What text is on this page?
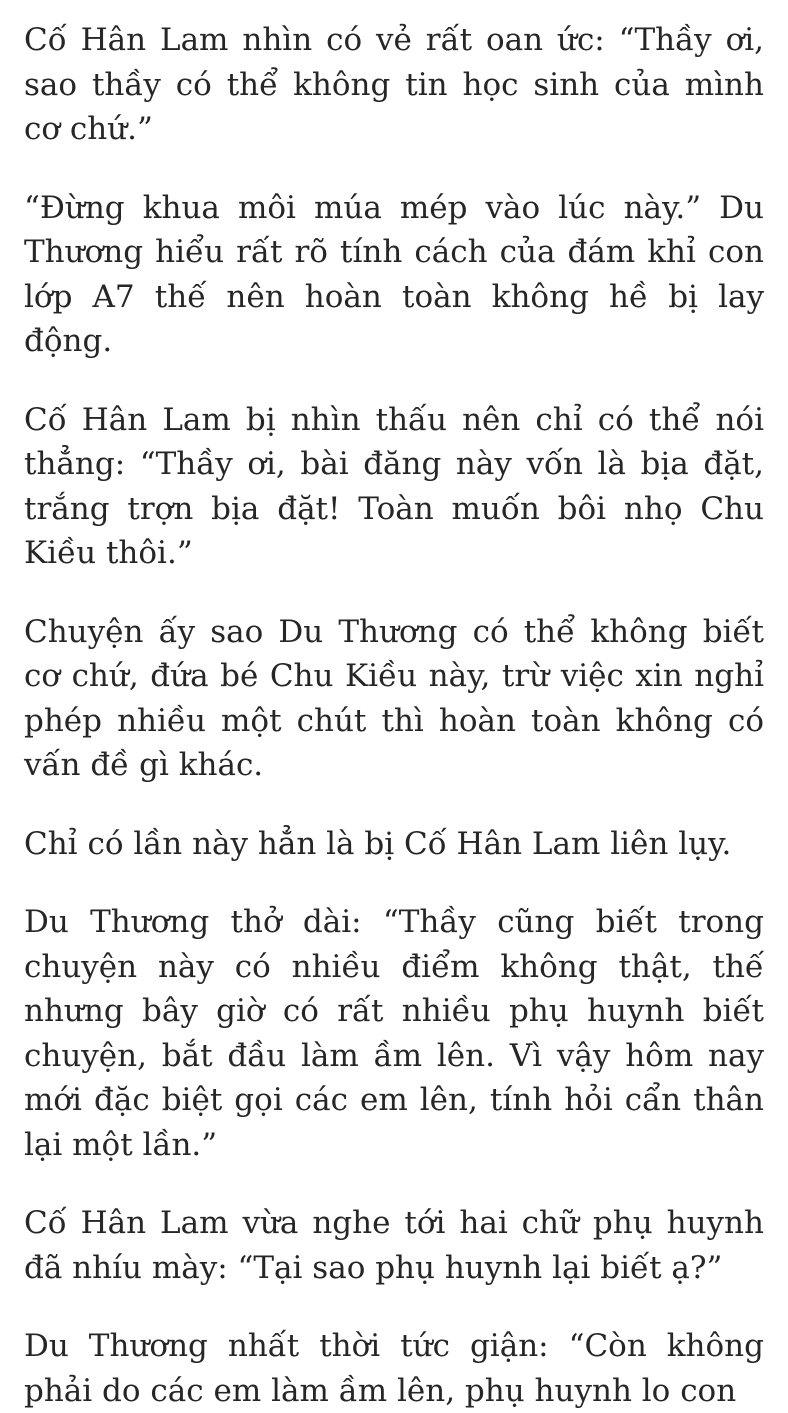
Cố Hân Lam nhìn có vẻ rất oan ức: “Thầy ơi, sao thầy có thể không tin học sinh của mình cơ chứ.”

“Đừng khua môi múa mép vào lúc này.” Du Thương hiểu rất rõ tính cách của đám khỉ con lớp A7 thế nên hoàn toàn không hề bị lay động.

Cố Hân Lam bị nhìn thấu nên chỉ có thể nói thẳng: “Thầy ơi, bài đăng này vốn là bịa đặt, trắng trợn bịa đặt! Toàn muốn bôi nhọ Chu Kiều thôi.”

Chuyện ấy sao Du Thương có thể không biết cơ chứ, đứa bé Chu Kiều này, trừ việc xin nghỉ phép nhiều một chút thì hoàn toàn không có vấn đề gì khác.

Chỉ có lần này hẳn là bị Cố Hân Lam liên lụy.

Du Thương thở dài: “Thầy cũng biết trong chuyện này có nhiều điểm không thật, thế nhưng bây giờ có rất nhiều phụ huynh biết chuyện, bắt đầu làm ầm lên. Vì vậy hôm nay mới đặc biệt gọi các em lên, tính hỏi cẩn thân lại một lần.”

Cố Hân Lam vừa nghe tới hai chữ phụ huynh đã nhíu mày: “Tại sao phụ huynh lại biết ạ?”

Du Thương nhất thời tức giận: “Còn không phải do các em làm ầm lên, phụ huynh lo con
